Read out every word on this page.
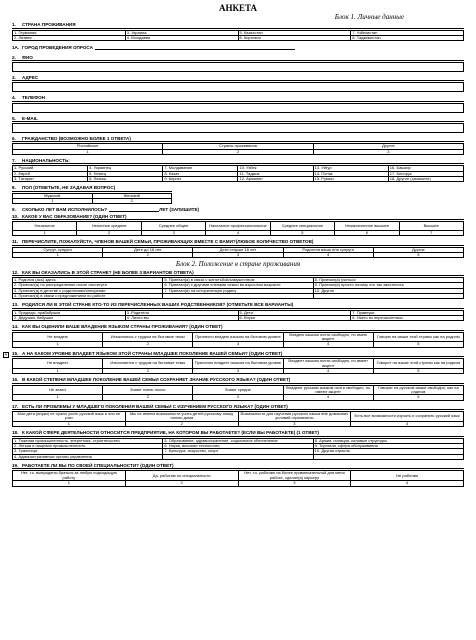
АНКЕТА
Блок 1. Личные данные
1.	СТРАНА ПРОЖИВАНИЯ
1. Германия	3. Украина	5. Казахстан	7. Узбекистан
2. Латвия	4. Молдавия	6. Киргизия	8. Таджикистан
1А. ГОРОД ПРОВЕДЕНИЯ ОПРОСА
2.	ФИО
3.	АДРЕС
4.	ТЕЛЕФОН
5.	E-MAIL
6.	ГРАЖДАНСТВО (ВОЗМОЖНО БОЛЕЕ 1 ОТВЕТА)
Российское	Страны проживания	Другое
1	2	3
7.	НАЦИОНАЛЬНОСТЬ:
1. Русский	4. Украинец	7. Молдаванин	10. Узбек	13. Уйгур	16. Башкир
2. Еврей	5. Немец	8. Казах	11. Таджик	14. Поляк	17. Белорус
3. Татарин	6. Латыш	9. Киргиз	12. Армянин	15. Румын	18. Другое (запишите)
8.	ПОЛ (ОТМЕТЬТЕ, НЕ ЗАДАВАЯ ВОПРОС)
Мужской	Женский
1	2
9.	СКОЛЬКО ЛЕТ ВАМ ИСПОЛНИЛОСЬ?	ЛЕТ (ЗАПИШИТЕ)
10. КАКОЕ У ВАС ОБРАЗОВАНИЕ? (ОДИН ОТВЕТ)
Начальное	Неполное среднее	Среднее общее	Начальное профессиональное	Среднее специальное	Незаконченное высшее	Высшее
1	2	3	4	5	6	7
11. ПЕРЕЧИСЛИТЕ, ПОЖАЛУЙСТА, ЧЛЕНОВ ВАШЕЙ СЕМЬИ, ПРОЖИВАЮЩИХ ВМЕСТЕ С ВАМИ?(ЛЮБОЕ КОЛИЧЕСТВО ОТВЕТОВ)
Супруг, супруга	Дети до 18 лет	Дети старше 18 лет	Родители ваши или супруга	Другие
1	2	3	4	5
Блок 2. Положение в стране проживания
12. КАК ВЫ ОКАЗАЛИСЬ В ЭТОЙ СТРАНЕ? (НЕ БОЛЕЕ 3 ВАРИАНТОВ ОТВЕТА)
1. Родился (ась) здесь	5. Приехал(а) в связи с женитьбой/замужеством	8. Приехал(а) учиться
2. Приехал(а) по распределению после института	6. Приехал(а) с другими членами семьи во взрослом возрасте	9. Приехал(а) просто потому что так захотелось
3. Приехал(а) в детстве с родителями/опекунами	7. Приехал(а) на историческую родину	10. Другое
4. Приехал(а) в связи с предложением по работе		
13. РОДИЛСЯ ЛИ В ЭТОЙ СТРАНЕ КТО-ТО ИЗ ПЕРЕЧИСЛЕННЫХ ВАШИХ РОДСТВЕННИКОВ? (ОТМЕТЬТЕ ВСЕ ВАРИАНТЫ)
1. Прадеды, прабабушки	3. Родители	5. Дети	7. Правнуки
2. Дедушки, бабушки	4. Лично вы	6. Внуки	8. Никто из перечисленных
14. КАК ВЫ ОЦЕНИЛИ ВАШЕ ВЛАДЕНИЕ ЯЗЫКОМ СТРАНЫ ПРОЖИВАНИЯ? (ОДИН ОТВЕТ)
Не владею	Изъясняюсь с трудом на бытовые темы	Прилично владею языком на бытовом уровне	Владею языком почти свободно, но имею акцент	Говорю на языке этой страны как на родном
1	2	3	4	5
+ 15. А НА КАКОМ УРОВНЕ ВЛАДЕЕТ ЯЗЫКОМ ЭТОЙ СТРАНЫ МЛАДШЕЕ ПОКОЛЕНИЕ ВАШЕЙ СЕМЬИ? (ОДИН ОТВЕТ)
Не владеет	Изъясняется с трудом на бытовые темы	Прилично владеет языком на бытовом уровне	Владеет языком почти свободно, но имеет акцент	Говорит на языке этой страны как на родном
1	2	3	4	5
16. В КАКОЙ СТЕПЕНИ МЛАДШЕЕ ПОКОЛЕНИЕ ВАШЕЙ СЕМЬИ СОХРАНЯЕТ ЗНАНИЕ РУССКОГО ЯЗЫКА? (ОДИН ОТВЕТ)
Не знают	Знают очень плохо	Знают средне	Владеют русским языком почти свободно, но имеют акцент	Говорят на русском языке свободно, как на родном
1	2	3	4	5
17. ЕСТЬ ЛИ ПРОБЛЕМЫ У МЛАДШЕГО ПОКОЛЕНИЯ ВАШЕЙ СЕМЬИ С ИЗУЧЕНИЕМ РУССКОГО ЯЗЫКА? (ОДИН ОТВЕТ)
Мои дети (внуки) не нужно учить русский язык и они не учат	Мы не имеем возможности учить детей русскому языку только дома	Возможности для изучения русского языка вне домашних условий ограничены	Есть все возможности изучать и сохранять русский язык
1	2	3	4
18. К КАКОЙ СФЕРЕ ДЕЯТЕЛЬНОСТИ ОТНОСИТСЯ ПРЕДПРИЯТИЕ, НА КОТОРОМ ВЫ РАБОТАЕТЕ? (ЕСЛИ ВЫ РАБОТАЕТЕ) (1 ОТВЕТ)
1. Тяжелая промышленность, энергетика, строительство	5. Образование, здравоохранение, социальное обеспечение	8. Армия, полиция, силовые структуры
2. Легкая и пищевая промышленность	6. Наука, высокие технологии	9. Торговля, сфера обслуживания
3. Транспорт	7. Культура, искусство, спорт	10. Другая отрасль
4. Административные органы управления		
19. РАБОТАЕТЕ ЛИ ВЫ ПО СВОЕЙ СПЕЦИАЛЬНОСТИ? (ОДИН ОТВЕТ)
Нет, т.к. вынуждены браться за любую подходящую работу	Да, работаю по специальности	Нет, т.к. работаю на более привлекательной для меня работе, сделал(а) карьеру	Не работаю
1	2	3	4
